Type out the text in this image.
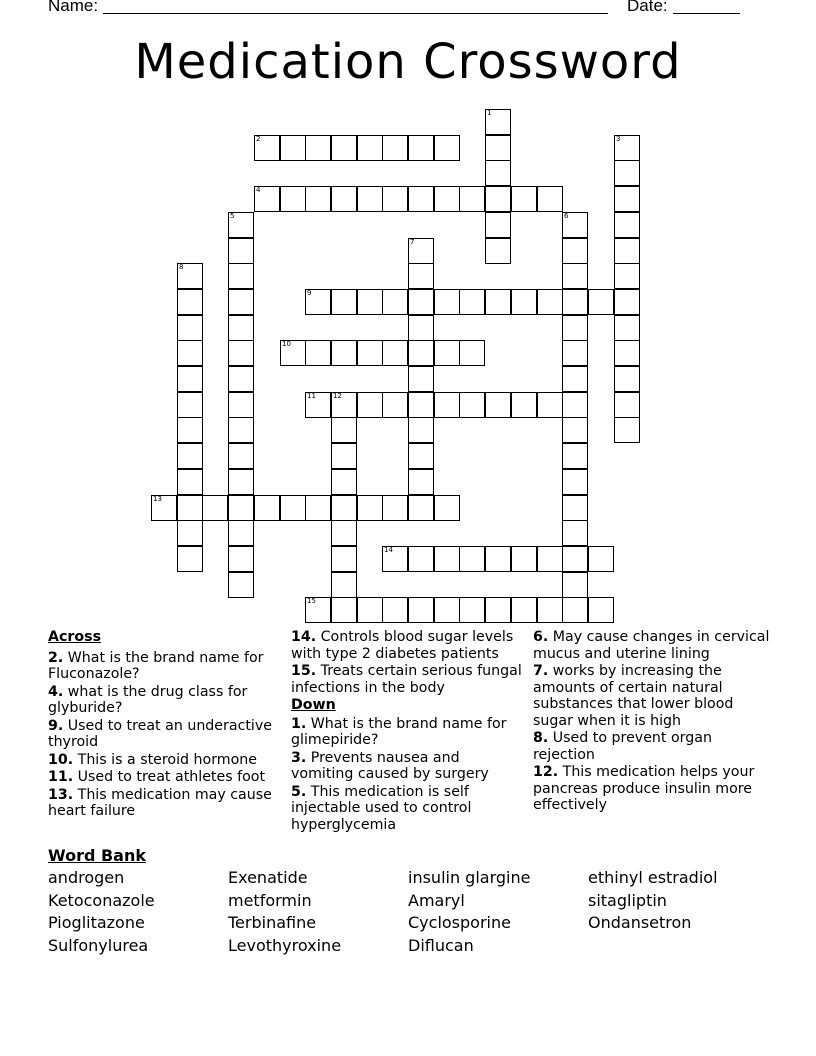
Name:	Date:
Medication Crossword
2
4
9
10
11 12
13
14
15
1
3
5	6
7
8
Across
2. What is the brand name for Fluconazole?
4. what is the drug class for glyburide?
9. Used to treat an underactive thyroid
10. This is a steroid hormone
11. Used to treat athletes foot
13. This medication may cause heart failure
14. Controls blood sugar levels with type 2 diabetes patients
15. Treats certain serious fungal infections in the body
Down
1. What is the brand name for glimepiride?
3. Prevents nausea and vomiting caused by surgery
5. This medication is self injectable used to control hyperglycemia
6. May cause changes in cervical mucus and uterine lining
7. works by increasing the amounts of certain natural substances that lower blood sugar when it is high
8. Used to prevent organ rejection
12. This medication helps your pancreas produce insulin more effectively
Word Bank
androgen	Exenatide	insulin glargine	ethinyl estradiol
Ketoconazole	metformin	Amaryl	sitagliptin
Pioglitazone	Terbinafine	Cyclosporine	Ondansetron
Sulfonylurea	Levothyroxine	Diflucan
